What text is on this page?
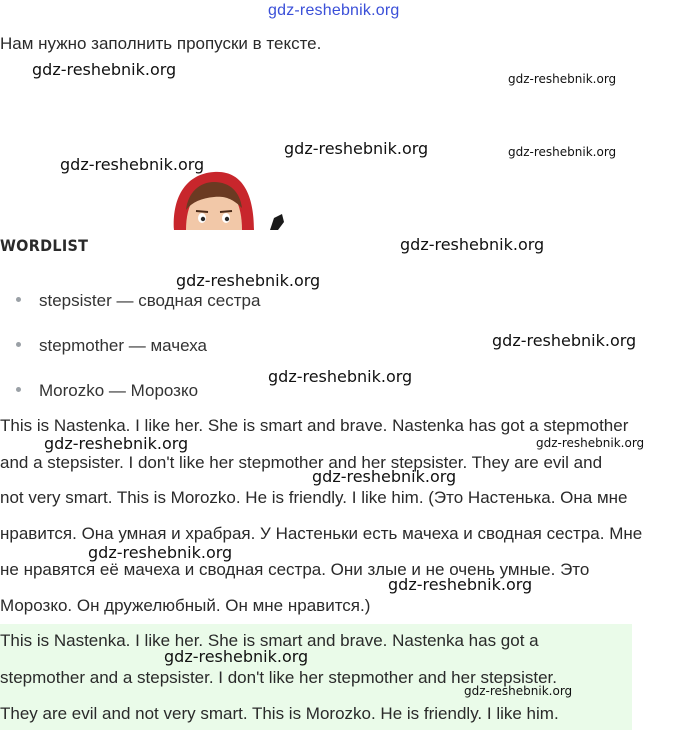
gdz-reshebnik.org
Нам нужно заполнить пропуски в тексте.
gdz-reshebnik.org	gdz-reshebnik.org
gdz-reshebnik.org
gdz-reshebnik.org	gdz-reshebnik.org
WORDLIST	gdz-reshebnik.org
gdz-reshebnik.org
stepsister — сводная сестра
stepmother — мачеха
Morozko — Морозко
gdz-reshebnik.org
gdz-reshebnik.org
This is Nastenka. I like her. She is smart and brave. Nastenka has got a stepmother
and a stepsister. I don't like her stepmother and her stepsister. They are evil and
not very smart. This is Morozko. He is friendly. I like him. (Это Настенька. Она мне
нравится. Она умная и храбрая. У Настеньки есть мачеха и сводная сестра. Мне
не нравятся её мачеха и сводная сестра. Они злые и не очень умные. Это
Морозко. Он дружелюбный. Он мне нравится.)
gdz-reshebnik.org	gdz-reshebnik.org
gdz-reshebnik.org
gdz-reshebnik.org
gdz-reshebnik.org
This is Nastenka. I like her. She is smart and brave. Nastenka has got a
stepmother and a stepsister. I don't like her stepmother and her stepsister.
They are evil and not very smart. This is Morozko. He is friendly. I like him.
gdz-reshebnik.org
gdz-reshebnik.org
